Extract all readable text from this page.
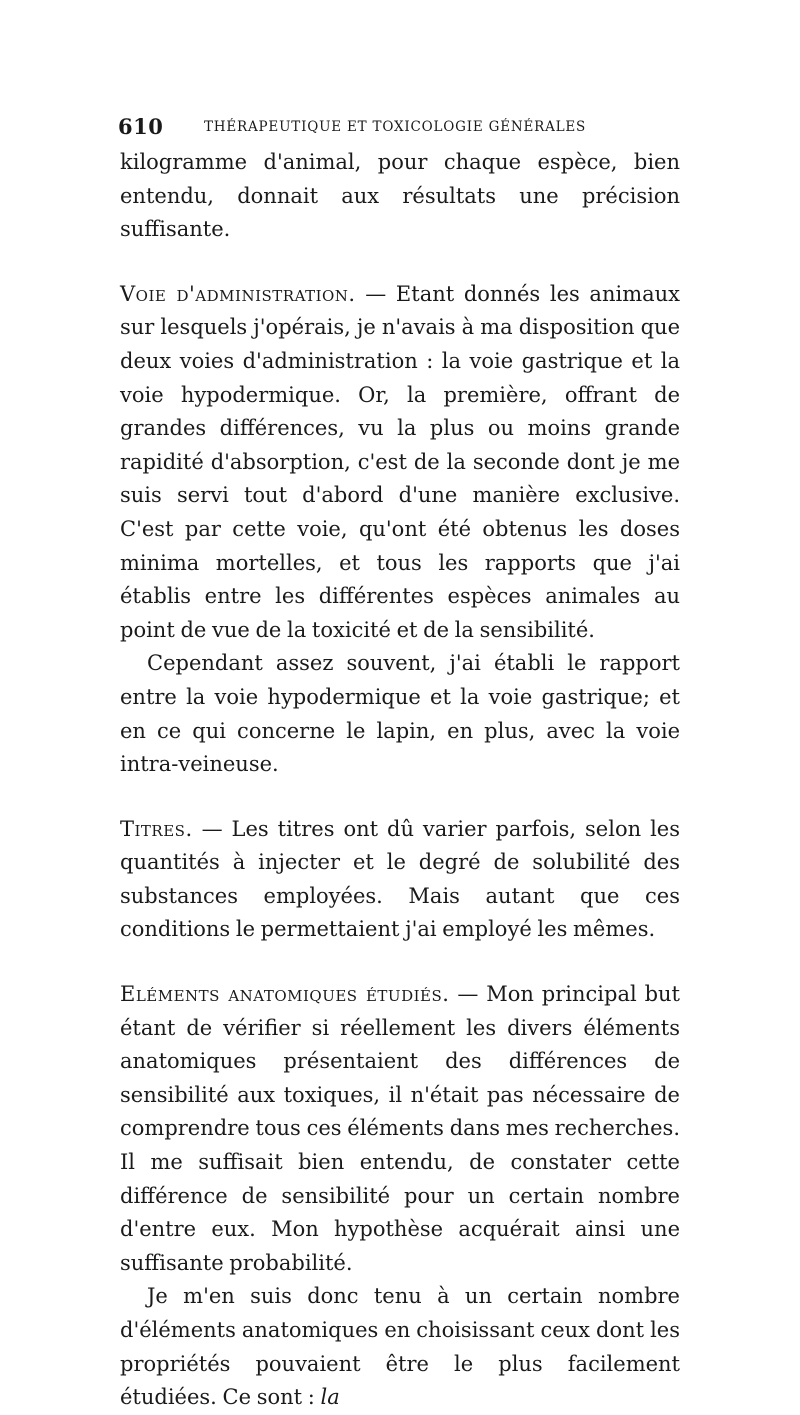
610	THÉRAPEUTIQUE ET TOXICOLOGIE GÉNÉRALES

kilogramme d'animal, pour chaque espèce, bien entendu, donnait aux résultats une précision suffisante.

Voie d'administration. — Etant donnés les animaux sur lesquels j'opérais, je n'avais à ma disposition que deux voies d'administration : la voie gastrique et la voie hypodermique. Or, la première, offrant de grandes différences, vu la plus ou moins grande rapidité d'absorption, c'est de la seconde dont je me suis servi tout d'abord d'une manière exclusive. C'est par cette voie, qu'ont été obtenus les doses minima mortelles, et tous les rapports que j'ai établis entre les différentes espèces animales au point de vue de la toxicité et de la sensibilité.

Cependant assez souvent, j'ai établi le rapport entre la voie hypodermique et la voie gastrique; et en ce qui concerne le lapin, en plus, avec la voie intra-veineuse.

Titres. — Les titres ont dû varier parfois, selon les quantités à injecter et le degré de solubilité des substances employées. Mais autant que ces conditions le permettaient j'ai employé les mêmes.

Eléments anatomiques étudiés. — Mon principal but étant de vérifier si réellement les divers éléments anatomiques présentaient des différences de sensibilité aux toxiques, il n'était pas nécessaire de comprendre tous ces éléments dans mes recherches. Il me suffisait bien entendu, de constater cette différence de sensibilité pour un certain nombre d'entre eux. Mon hypothèse acquérait ainsi une suffisante probabilité.

Je m'en suis donc tenu à un certain nombre d'éléments anatomiques en choisissant ceux dont les propriétés pouvaient être le plus facilement étudiées. Ce sont : la
